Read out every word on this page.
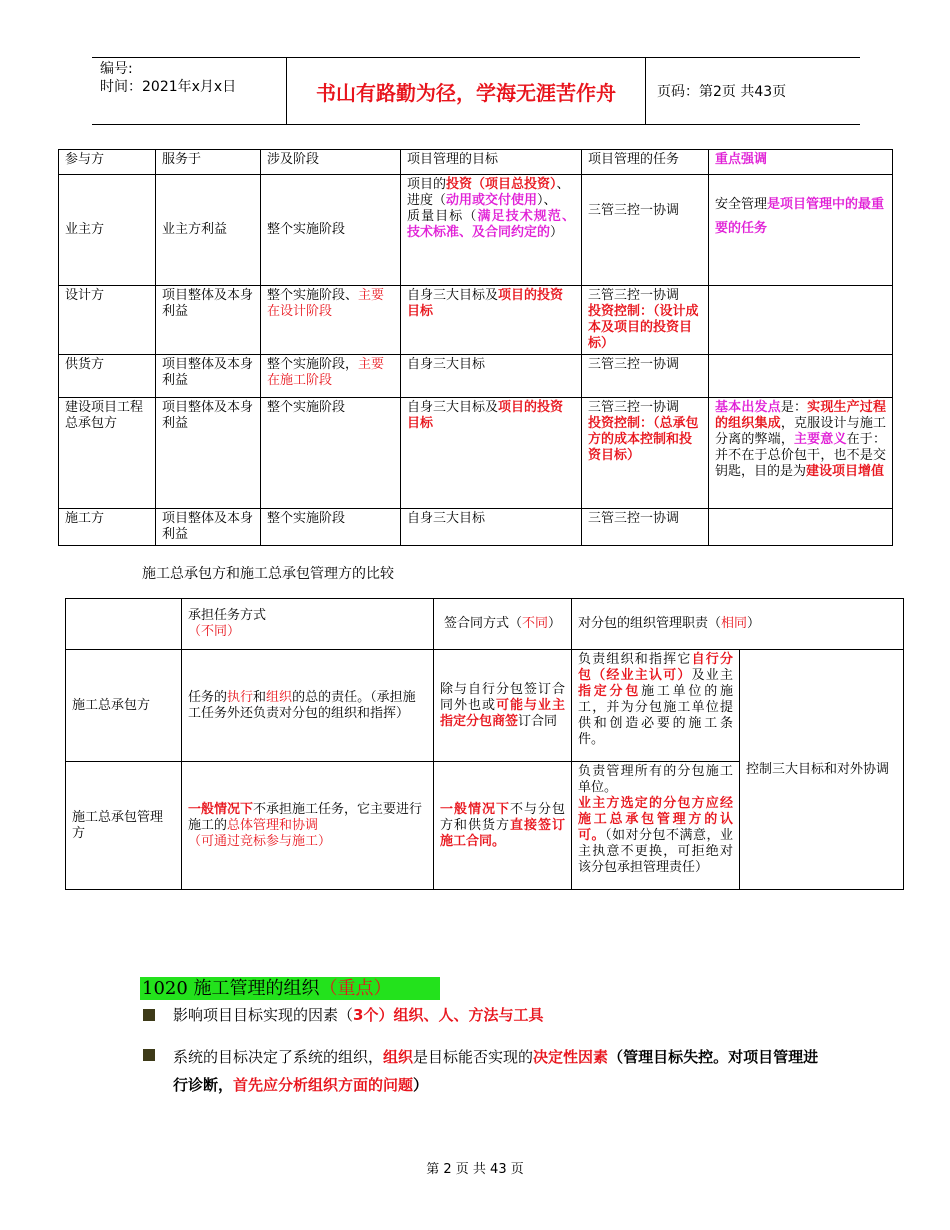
编号:
时间：2021年x月x日	书山有路勤为径，学海无涯苦作舟	页码：第2页 共43页
参与方	服务于	涉及阶段	项目管理的目标	项目管理的任务	重点强调
业主方	业主方利益	整个实施阶段	项目的投资（项目总投资）、
进度（动用或交付使用）、
质量目标（满足技术规范、技术标准、及合同约定的）	三管三控一协调	安全管理是项目管理中的最重要的任务
设计方	项目整体及本身利益	整个实施阶段、主要在设计阶段	自身三大目标及项目的投资目标	三管三控一协调
投资控制：（设计成本及项目的投资目标）	
供货方	项目整体及本身利益	整个实施阶段，主要在施工阶段	自身三大目标	三管三控一协调	
建设项目工程总承包方	项目整体及本身利益	整个实施阶段	自身三大目标及项目的投资目标	三管三控一协调
投资控制：（总承包方的成本控制和投资目标）	基本出发点是：实现生产过程的组织集成，克服设计与施工分离的弊端，主要意义在于：并不在于总价包干，也不是交钥匙，目的是为建设项目增值
施工方	项目整体及本身利益	整个实施阶段	自身三大目标	三管三控一协调	
施工总承包方和施工总承包管理方的比较
	承担任务方式
（不同）	签合同方式（不同）	对分包的组织管理职责（相同）	
施工总承包方	任务的执行和组织的总的责任。（承担施工任务外还负责对分包的组织和指挥）	除与自行分包签订合同外也或可能与业主指定分包商签订合同	负责组织和指挥它自行分包（经业主认可）及业主指定分包施工单位的施工，并为分包施工单位提供和创造必要的施工条件。	控制三大目标和对外协调
施工总承包管理方	一般情况下不承担施工任务，它主要进行施工的总体管理和协调
（可通过竞标参与施工）	一般情况下不与分包方和供货方直接签订施工合同。	负责管理所有的分包施工单位。
业主方选定的分包方应经施工总承包管理方的认可。（如对分包不满意，业主执意不更换，可拒绝对该分包承担管理责任）	
1020 施工管理的组织（重点）
影响项目目标实现的因素（3个）组织、人、方法与工具
系统的目标决定了系统的组织，组织是目标能否实现的决定性因素（管理目标失控。对项目管理进行诊断，首先应分析组织方面的问题）
第 2 页 共 43 页
